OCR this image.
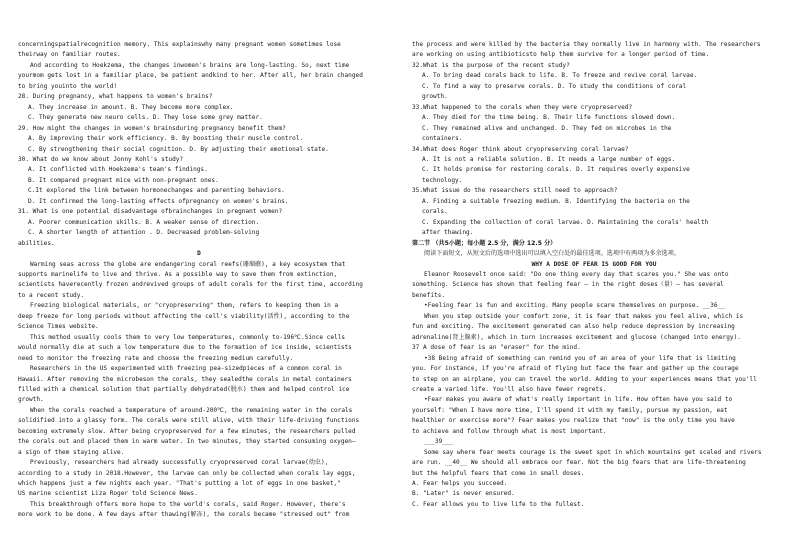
concerningspatialrecognition memory. This explainswhy many pregnant women sometimes lose
theirway on familiar routes.
And according to Hoekzema, the changes inwomen's brains are long-lasting. So, next time
yourmom gets lost in a familiar place, be patient andkind to her. After all, her brain changed
to bring youinto the world!
28. During pregnancy, what happens to women's brains?
A. They increase in amount. B. They become more complex.
C. They generate new neuro cells. D. They lose some grey matter.
29. How might the changes in women's brainsduring pregnancy benefit them?
A. By improving their work efficiency. B. By boosting their muscle control.
C. By strengthening their social cognition. D. By adjusting their emotional state.
30. What do we know about Jonny Kohl's study?
A. It conflicted with Hoekzema's team's findings.
B. It compared pregnant mice with non-pregnant ones.
C.It explored the link between hormonechanges and parenting behaviors.
D. It confirmed the long-lasting effects ofpregnancy on women's brains.
31. What is one potential disadvantage ofbrainchanges in pregnant women?
A. Poorer communication skills. B. A weaker sense of direction.
C. A shorter length of attention . D. Decreased problem-solving
abilities.
D
Warming seas across the globe are endangering coral reefs(珊瑚礁), a key ecosystem that
supports marinelife to live and thrive. As a possible way to save them from extinction,
scientists haverecently frozen andrevived groups of adult corals for the first time, according
to a recent study.
Freezing biological materials, or "cryopreserving" them, refers to keeping them in a
deep freeze for long periods without affecting the cell's viability(活性), according to the
Science Times website.
This method usually cools them to very low temperatures, commonly to-196℃.Since cells
would normally die at such a low temperature due to the formation of ice inside, scientists
need to monitor the freezing rate and choose the freezing medium carefully.
Researchers in the US experimented with freezing pea-sizedpieces of a common coral in
Hawaii. After removing the microbeson the corals, they sealedthe corals in metal containers
filled with a chemical solution that partially dehydrated(脱水) them and helped control ice
growth.
When the corals reached a temperature of around-200℃, the remaining water in the corals
solidified into a glassy form. The corals were still alive, with their life-driving functions
becoming extremely slow. After being cryopreserved for a few minutes, the researchers pulled
the corals out and placed them in warm water. In two minutes, they started consuming oxygen—
a sign of them staying alive.
Previously, researchers had already successfully cryopreserved coral larvae(幼虫),
according to a study in 2018.However, the larvae can only be collected when corals lay eggs,
which happens just a few nights each year. "That's putting a lot of eggs in one basket,"
US marine scientist Liza Roger told Science News.
This breakthrough offers more hope to the world's corals, said Roger. However, there's
more work to be done. A few days after thawing(解冻), the corals became "stressed out" from
the process and were killed by the bacteria they normally live in harmony with. The researchers
are working on using antibioticsto help them survive for a longer period of time.
32.What is the purpose of the recent study?
A. To bring dead corals back to life. B. To freeze and revive coral larvae.
C. To find a way to preserve corals. D. To study the conditions of coral
growth.
33.What happened to the corals when they were cryopreserved?
A. They died for the time being. B. Their life functions slowed down.
C. They remained alive and unchanged. D. They fed on microbes in the
containers.
34.What does Roger think about cryopreserving coral larvae?
A. It is not a reliable solution. B. It needs a large number of eggs.
C. It holds promise for restoring corals. D. It requires overly expensive
technology.
35.What issue do the researchers still need to approach?
A. Finding a suitable freezing medium. B. Identifying the bacteria on the
corals.
C. Expanding the collection of coral larvae. D. Maintaining the corals' health
after thawing.
第二节 （共5小题；每小题 2.5 分，满分 12.5 分）
阅读下面短文，从短文后的选项中选出可以填入空白处的最佳选项。选项中有两项为多余选项。
WHY A DOSE OF FEAR IS GOOD FOR YOU
Eleanor Roosevelt once said: "Do one thing every day that scares you." She was onto
something. Science has shown that feeling fear — in the right doses（量）— has several
benefits.
•Feeling fear is fun and exciting. Many people scare themselves on purpose. __36__
When you step outside your comfort zone, it is fear that makes you feel alive, which is
fun and exciting. The excitement generated can also help reduce depression by increasing
adrenaline(肾上腺素), which in turn increases excitement and glucose (changed into energy).
37 A dose of fear is an "eraser" for the mind.
•38 Being afraid of something can remind you of an area of your life that is limiting
you. For instance, if you're afraid of flying but face the fear and gather up the courage
to step on an airplane, you can travel the world. Adding to your experiences means that you'll
create a varied life. You'll also have fewer regrets.
•Fear makes you aware of what's really important in life. How often have you said to
yourself: "When I have more time, I'll spend it with my family, pursue my passion, eat
healthier or exercise more"? Fear makes you realize that "now" is the only time you have
to achieve and follow through what is most important.
___39___
Some say where fear meets courage is the sweet spot in which mountains get scaled and rivers
are run. __40__ We should all embrace our fear. Not the big fears that are life-threatening
but the helpful fears that come in small doses.
A. Fear helps you succeed.
B. "Later" is never ensured.
C. Fear allows you to live life to the fullest.
